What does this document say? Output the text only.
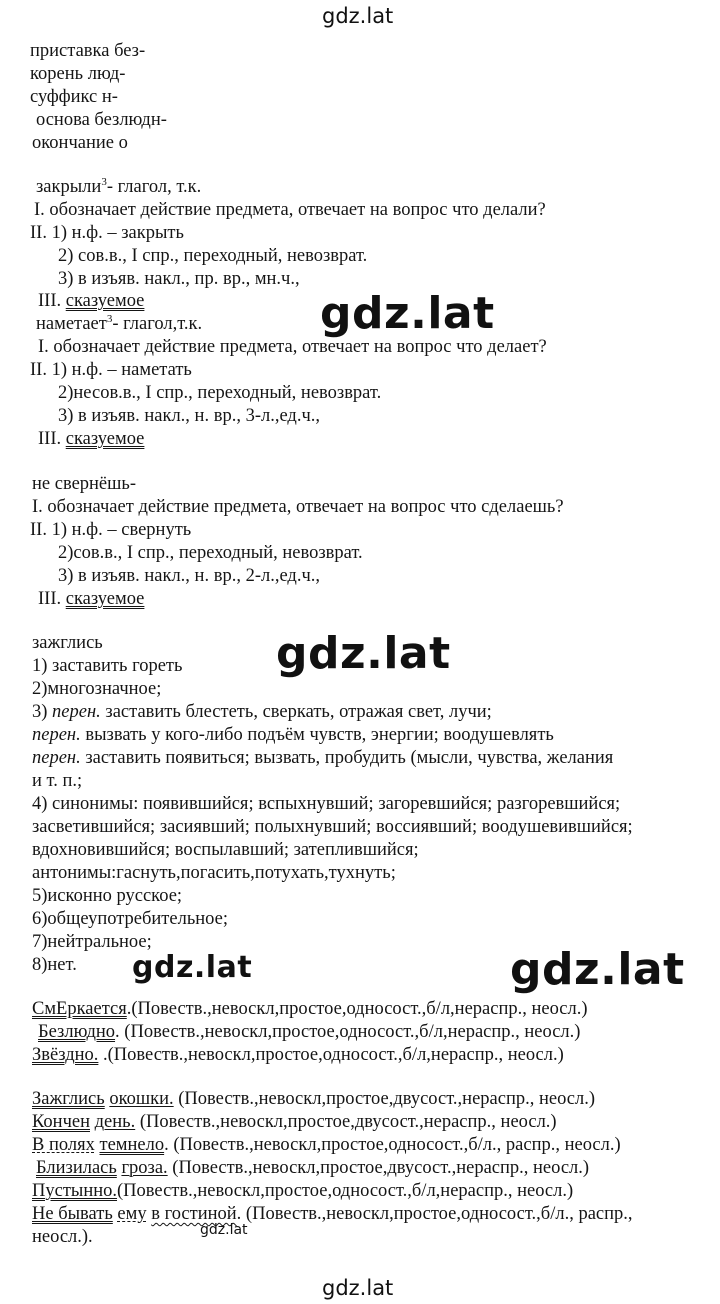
gdz.lat
gdz.lat
gdz.lat
gdz.lat	gdz.lat
gdz.lat
gdz.lat
приставка без-
корень люд-
суффикс н-
основа безлюдн-
окончание о
закрыли$^3$- глагол, т.к.
I. обозначает действие предмета, отвечает на вопрос что делали?
II. 1) н.ф. – закрыть
2) сов.в., I спр., переходный, невозврат.
3) в изъяв. накл., пр. вр., мн.ч.,
III. сказуемое
наметает$^3$- глагол,т.к.
I. обозначает действие предмета, отвечает на вопрос что делает?
II. 1) н.ф. – наметать
2)несов.в., I спр., переходный, невозврат.
3) в изъяв. накл., н. вр., 3-л.,ед.ч.,
III. сказуемое
не свернёшь-
I. обозначает действие предмета, отвечает на вопрос что сделаешь?
II. 1) н.ф. – свернуть
2)сов.в., I спр., переходный, невозврат.
3) в изъяв. накл., н. вр., 2-л.,ед.ч.,
III. сказуемое
зажглись
1) заставить гореть
2)многозначное;
3) перен. заставить блестеть, сверкать, отражая свет, лучи;
перен. вызвать у кого-либо подъём чувств, энергии; воодушевлять
перен. заставить появиться; вызвать, пробудить (мысли, чувства, желания
и т. п.;
4) синонимы: появившийся; вспыхнувший; загоревшийся; разгоревшийся;
засветившийся; засиявший; полыхнувший; воссиявший; воодушевившийся;
вдохновившийся; воспылавший; затеплившийся;
антонимы:гаснуть,погасить,потухать,тухнуть;
5)исконно русское;
6)общеупотребительное;
7)нейтральное;
8)нет.
СмЕркается.(Повеств.,невоскл,простое,односост.,б/л,нераспр., неосл.)
Безлюдно. (Повеств.,невоскл,простое,односост.,б/л,нераспр., неосл.)
Звёздно. .(Повеств.,невоскл,простое,односост.,б/л,нераспр., неосл.)
Зажглись окошки. (Повеств.,невоскл,простое,двусост.,нераспр., неосл.)
Кончен день. (Повеств.,невоскл,простое,двусост.,нераспр., неосл.)
В полях темнело. (Повеств.,невоскл,простое,односост.,б/л., распр., неосл.)
Близилась гроза. (Повеств.,невоскл,простое,двусост.,нераспр., неосл.)
Пустынно.(Повеств.,невоскл,простое,односост.,б/л,нераспр., неосл.)
Не бывать ему в гостиной. (Повеств.,невоскл,простое,односост.,б/л., распр.,
неосл.).
